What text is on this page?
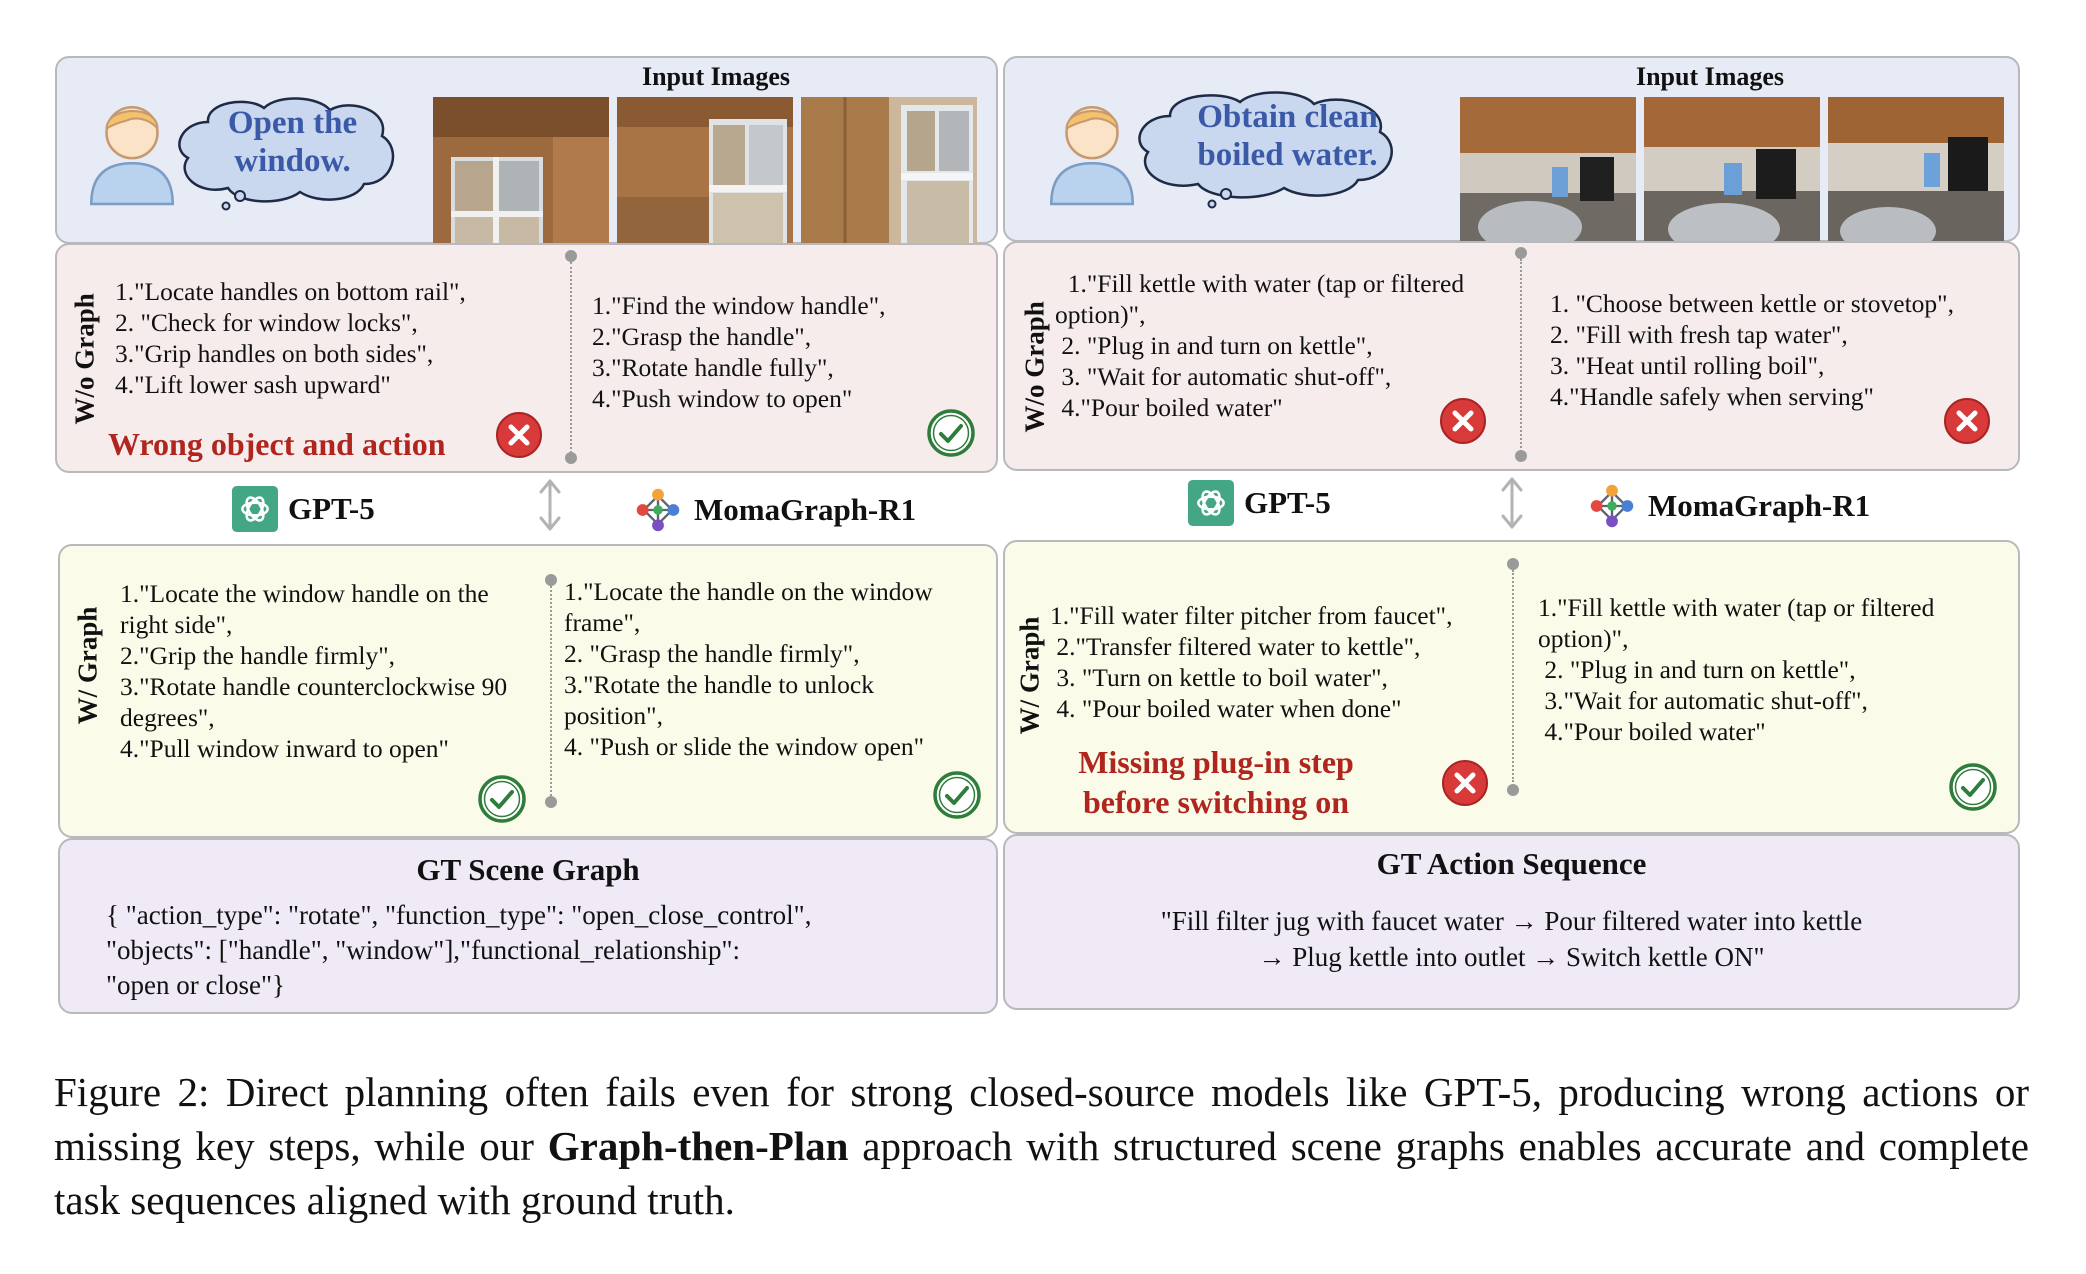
Input Images
Open the window.
W/o Graph
1."Locate handles on bottom rail",
2. "Check for window locks",
3."Grip handles on both sides",
4."Lift lower sash upward"
Wrong object and action
1."Find the window handle",
2."Grasp the handle",
3."Rotate handle fully",
4."Push window to open"
GPT-5	MomaGraph-R1
W/ Graph
1."Locate the window handle on the
right side",
2."Grip the handle firmly",
3."Rotate handle counterclockwise 90
degrees",
4."Pull window inward to open"
1."Locate the handle on the window
frame",
2. "Grasp the handle firmly",
3."Rotate the handle to unlock
position",
4. "Push or slide the window open"
GT Scene Graph
{ "action_type": "rotate", "function_type": "open_close_control",
"objects": ["handle", "window"],"functional_relationship":
"open or close"}
Input Images
Obtain clean boiled water.
W/o Graph
1."Fill kettle with water (tap or filtered
option)",
2. "Plug in and turn on kettle",
3. "Wait for automatic shut-off",
4."Pour boiled water"
1. "Choose between kettle or stovetop",
2. "Fill with fresh tap water",
3. "Heat until rolling boil",
4."Handle safely when serving"
GPT-5	MomaGraph-R1
W/ Graph
1."Fill water filter pitcher from faucet",
2."Transfer filtered water to kettle",
3. "Turn on kettle to boil water",
4. "Pour boiled water when done"
Missing plug-in step
before switching on
1."Fill kettle with water (tap or filtered
option)",
2. "Plug in and turn on kettle",
3."Wait for automatic shut-off",
4."Pour boiled water"
GT Action Sequence
"Fill filter jug with faucet water → Pour filtered water into kettle
→ Plug kettle into outlet → Switch kettle ON"
Figure 2: Direct planning often fails even for strong closed-source models like GPT-5, producing wrong actions or missing key steps, while our Graph-then-Plan approach with structured scene graphs enables accurate and complete task sequences aligned with ground truth.
